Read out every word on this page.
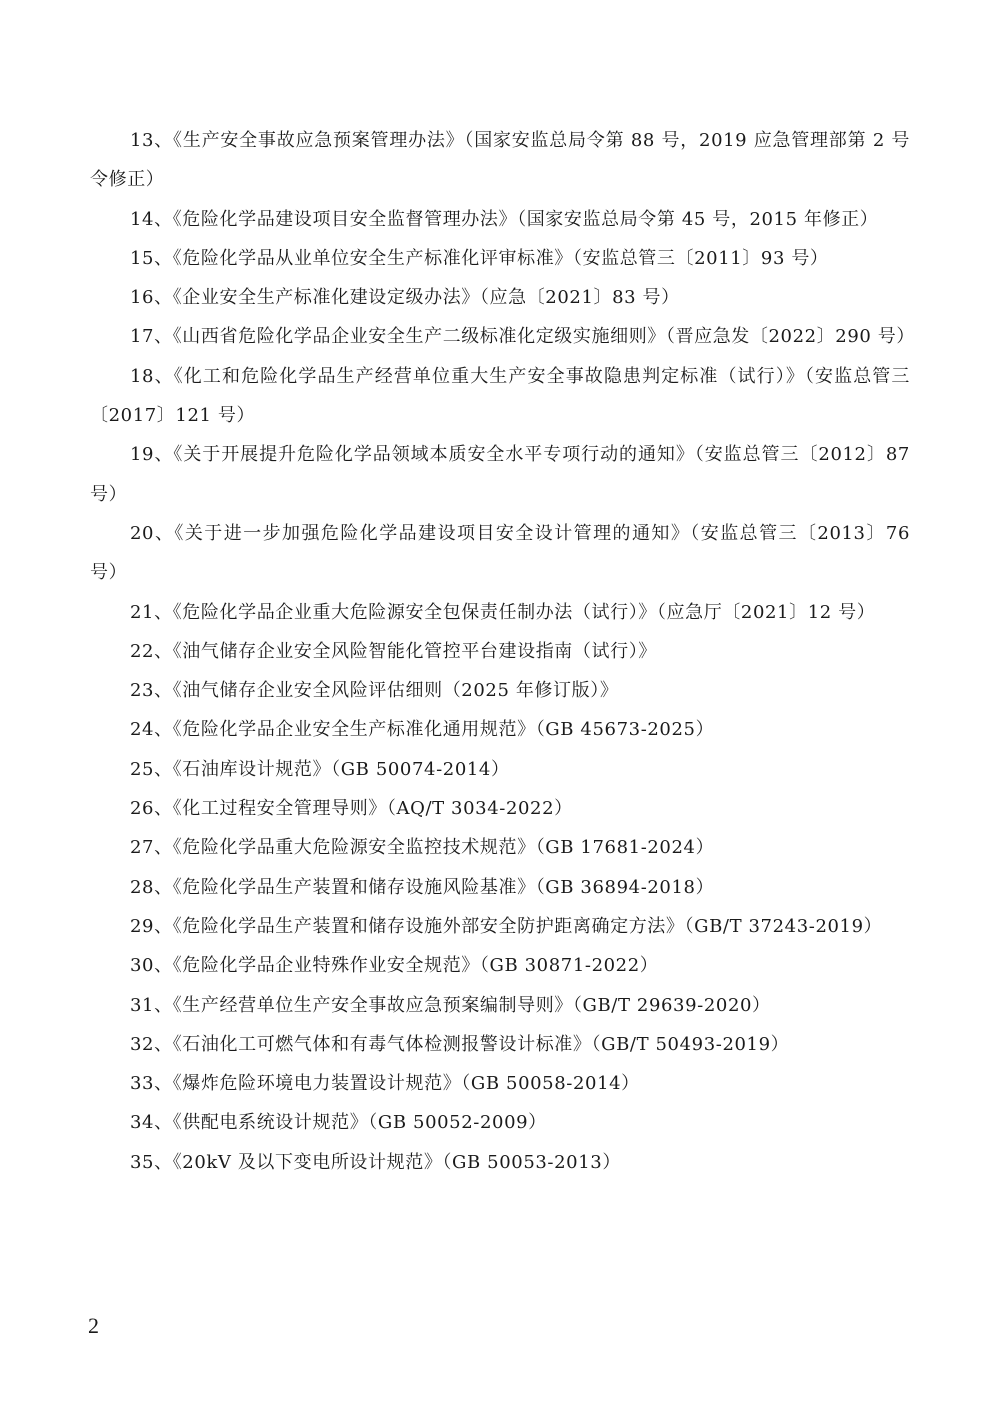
13、《生产安全事故应急预案管理办法》（国家安监总局令第 88 号，2019 应急管理部第 2 号令修正）

14、《危险化学品建设项目安全监督管理办法》（国家安监总局令第 45 号，2015 年修正）

15、《危险化学品从业单位安全生产标准化评审标准》（安监总管三〔2011〕93 号）

16、《企业安全生产标准化建设定级办法》（应急〔2021〕83 号）

17、《山西省危险化学品企业安全生产二级标准化定级实施细则》（晋应急发〔2022〕290 号）

18、《化工和危险化学品生产经营单位重大生产安全事故隐患判定标准（试行）》（安监总管三〔2017〕121 号）

19、《关于开展提升危险化学品领域本质安全水平专项行动的通知》（安监总管三〔2012〕87 号）

20、《关于进一步加强危险化学品建设项目安全设计管理的通知》（安监总管三〔2013〕76 号）

21、《危险化学品企业重大危险源安全包保责任制办法（试行）》（应急厅〔2021〕12 号）

22、《油气储存企业安全风险智能化管控平台建设指南（试行）》

23、《油气储存企业安全风险评估细则（2025 年修订版）》

24、《危险化学品企业安全生产标准化通用规范》（GB 45673-2025）

25、《石油库设计规范》（GB 50074-2014）

26、《化工过程安全管理导则》（AQ/T 3034-2022）

27、《危险化学品重大危险源安全监控技术规范》（GB 17681-2024）

28、《危险化学品生产装置和储存设施风险基准》（GB 36894-2018）

29、《危险化学品生产装置和储存设施外部安全防护距离确定方法》（GB/T 37243-2019）

30、《危险化学品企业特殊作业安全规范》（GB 30871-2022）

31、《生产经营单位生产安全事故应急预案编制导则》（GB/T 29639-2020）

32、《石油化工可燃气体和有毒气体检测报警设计标准》（GB/T 50493-2019）

33、《爆炸危险环境电力装置设计规范》（GB 50058-2014）

34、《供配电系统设计规范》（GB 50052-2009）

35、《20kV 及以下变电所设计规范》（GB 50053-2013）

2
